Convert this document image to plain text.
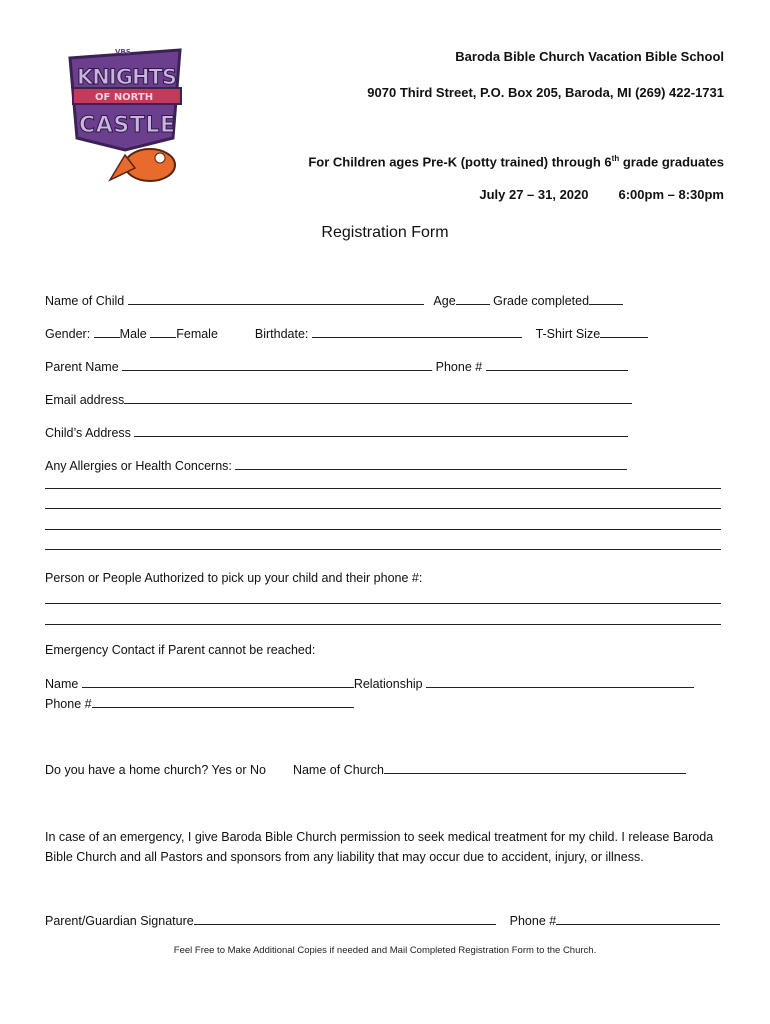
VBS
KNIGHTS
OF NORTH
CASTLE
Baroda Bible Church Vacation Bible School
9070 Third Street, P.O. Box 205, Baroda, MI (269) 422-1731
For Children ages Pre-K (potty trained) through 6th grade graduates
July 27 – 31, 2020 6:00pm – 8:30pm
Registration Form
Name of Child	Age	Grade completed
Gender: Male Female	Birthdate:	T-Shirt Size
Parent Name	Phone #
Email address
Child’s Address
Any Allergies or Health Concerns:
Person or People Authorized to pick up your child and their phone #:
Emergency Contact if Parent cannot be reached:
Name	Relationship
Phone #
Do you have a home church? Yes or No Name of Church
In case of an emergency, I give Baroda Bible Church permission to seek medical treatment for my child. I release Baroda Bible Church and all Pastors and sponsors from any liability that may occur due to accident, injury, or illness.
Parent/Guardian Signature	Phone #
Feel Free to Make Additional Copies if needed and Mail Completed Registration Form to the Church.
